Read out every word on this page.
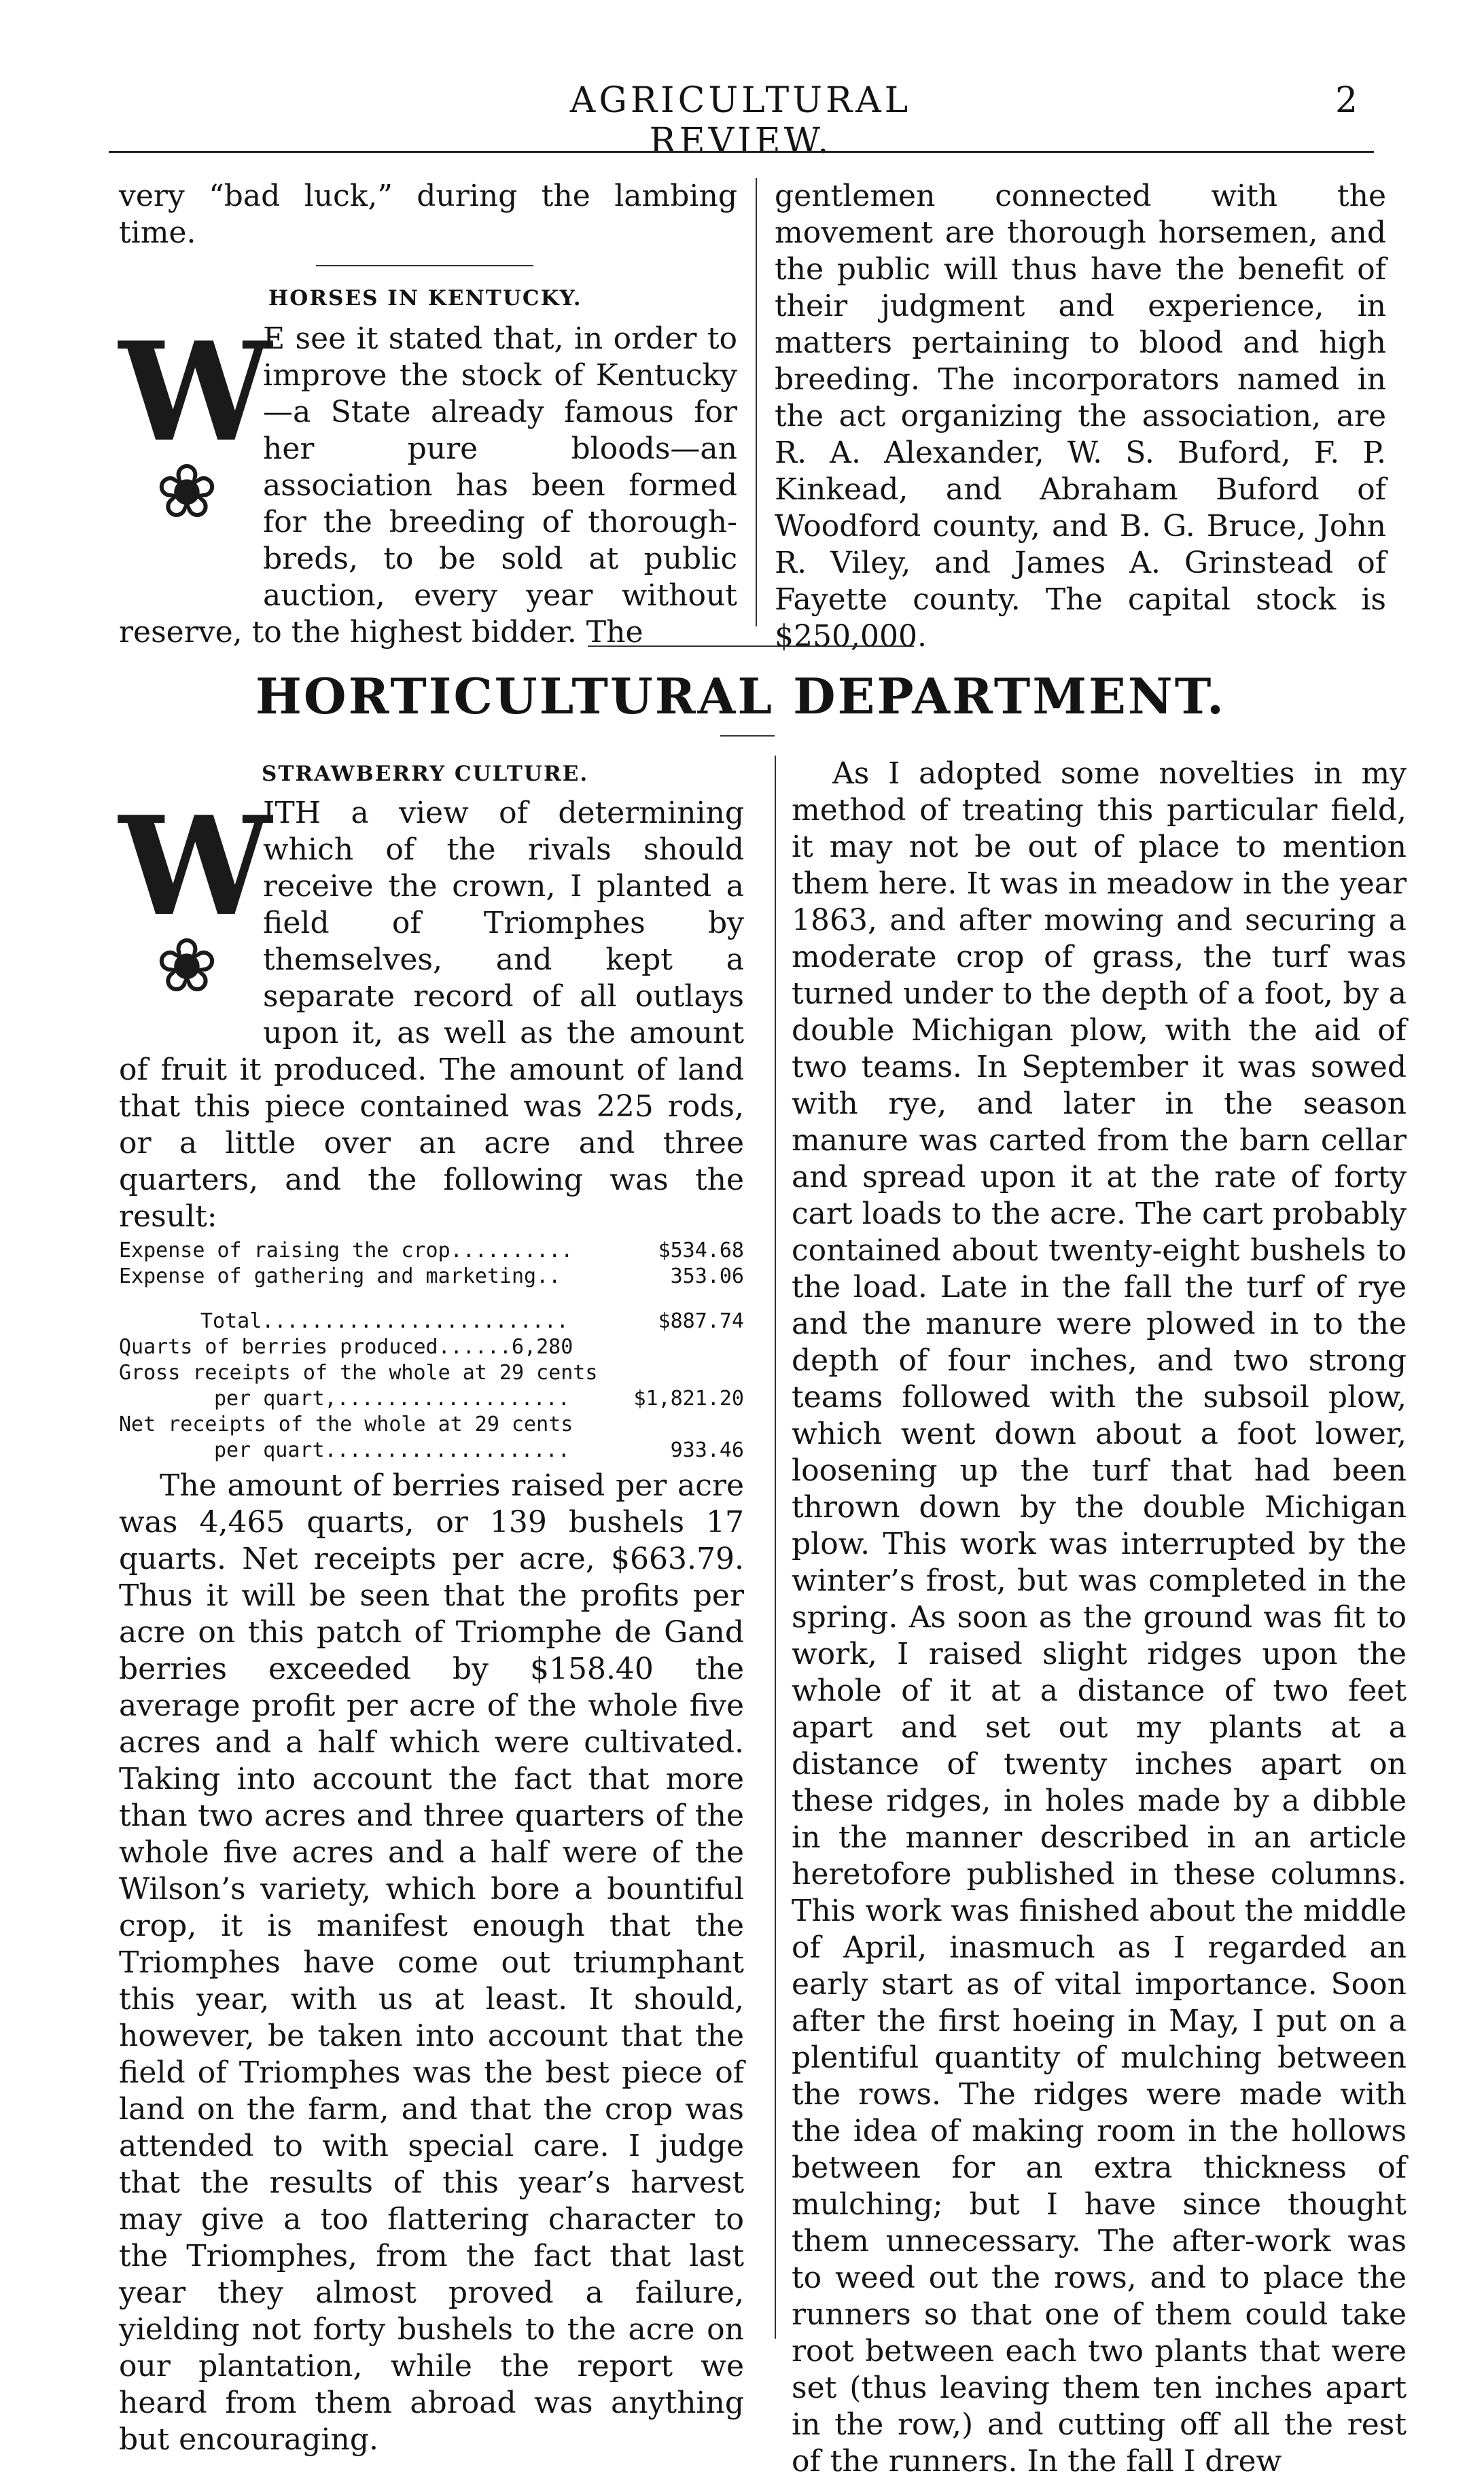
AGRICULTURAL REVIEW.
2

very “bad luck,” during the lambing time.

HORSES IN KENTUCKY.

W
❀

E see it stated that, in order to improve the stock of Kentucky —a State already famous for her pure bloods—an association has been formed for the breeding of thorough-breds, to be sold at public auction, every year without reserve, to the highest bidder. The

gentlemen connected with the movement are thorough horsemen, and the public will thus have the benefit of their judgment and experience, in matters pertaining to blood and high breeding. The incorporators named in the act organizing the association, are R. A. Alexander, W. S. Buford, F. P. Kinkead, and Abraham Buford of Woodford county, and B. G. Bruce, John R. Viley, and James A. Grinstead of Fayette county. The capital stock is $250,000.

HORTICULTURAL DEPARTMENT.

STRAWBERRY CULTURE.

W
❀

ITH a view of determining which of the rivals should receive the crown, I planted a field of Triomphes by themselves, and kept a separate record of all outlays upon it, as well as the amount of fruit it produced. The amount of land that this piece contained was 225 rods, or a little over an acre and three quarters, and the following was the result:

Expense of raising the crop..........	$534.68
Expense of gathering and marketing..	353.06
Total.........................	$887.74
Quarts of berries produced...... 6,280
Gross receipts of the whole at 29 cents
per quart,...................	$1,821.20
Net receipts of the whole at 29 cents
per quart....................	933.46

The amount of berries raised per acre was 4,465 quarts, or 139 bushels 17 quarts. Net receipts per acre, $663.79. Thus it will be seen that the profits per acre on this patch of Triomphe de Gand berries exceeded by $158.40 the average profit per acre of the whole five acres and a half which were cultivated. Taking into account the fact that more than two acres and three quarters of the whole five acres and a half were of the Wilson’s variety, which bore a bountiful crop, it is manifest enough that the Triomphes have come out triumphant this year, with us at least. It should, however, be taken into account that the field of Triomphes was the best piece of land on the farm, and that the crop was attended to with special care. I judge that the results of this year’s harvest may give a too flattering character to the Triomphes, from the fact that last year they almost proved a failure, yielding not forty bushels to the acre on our plantation, while the report we heard from them abroad was anything but encouraging.

As I adopted some novelties in my method of treating this particular field, it may not be out of place to mention them here. It was in meadow in the year 1863, and after mowing and securing a moderate crop of grass, the turf was turned under to the depth of a foot, by a double Michigan plow, with the aid of two teams. In September it was sowed with rye, and later in the season manure was carted from the barn cellar and spread upon it at the rate of forty cart loads to the acre. The cart probably contained about twenty-eight bushels to the load. Late in the fall the turf of rye and the manure were plowed in to the depth of four inches, and two strong teams followed with the subsoil plow, which went down about a foot lower, loosening up the turf that had been thrown down by the double Michigan plow. This work was interrupted by the winter’s frost, but was completed in the spring. As soon as the ground was fit to work, I raised slight ridges upon the whole of it at a distance of two feet apart and set out my plants at a distance of twenty inches apart on these ridges, in holes made by a dibble in the manner described in an article heretofore published in these columns. This work was finished about the middle of April, inasmuch as I regarded an early start as of vital importance. Soon after the first hoeing in May, I put on a plentiful quantity of mulching between the rows. The ridges were made with the idea of making room in the hollows between for an extra thickness of mulching; but I have since thought them unnecessary. The after-work was to weed out the rows, and to place the runners so that one of them could take root between each two plants that were set (thus leaving them ten inches apart in the row,) and cutting off all the rest of the runners. In the fall I drew
